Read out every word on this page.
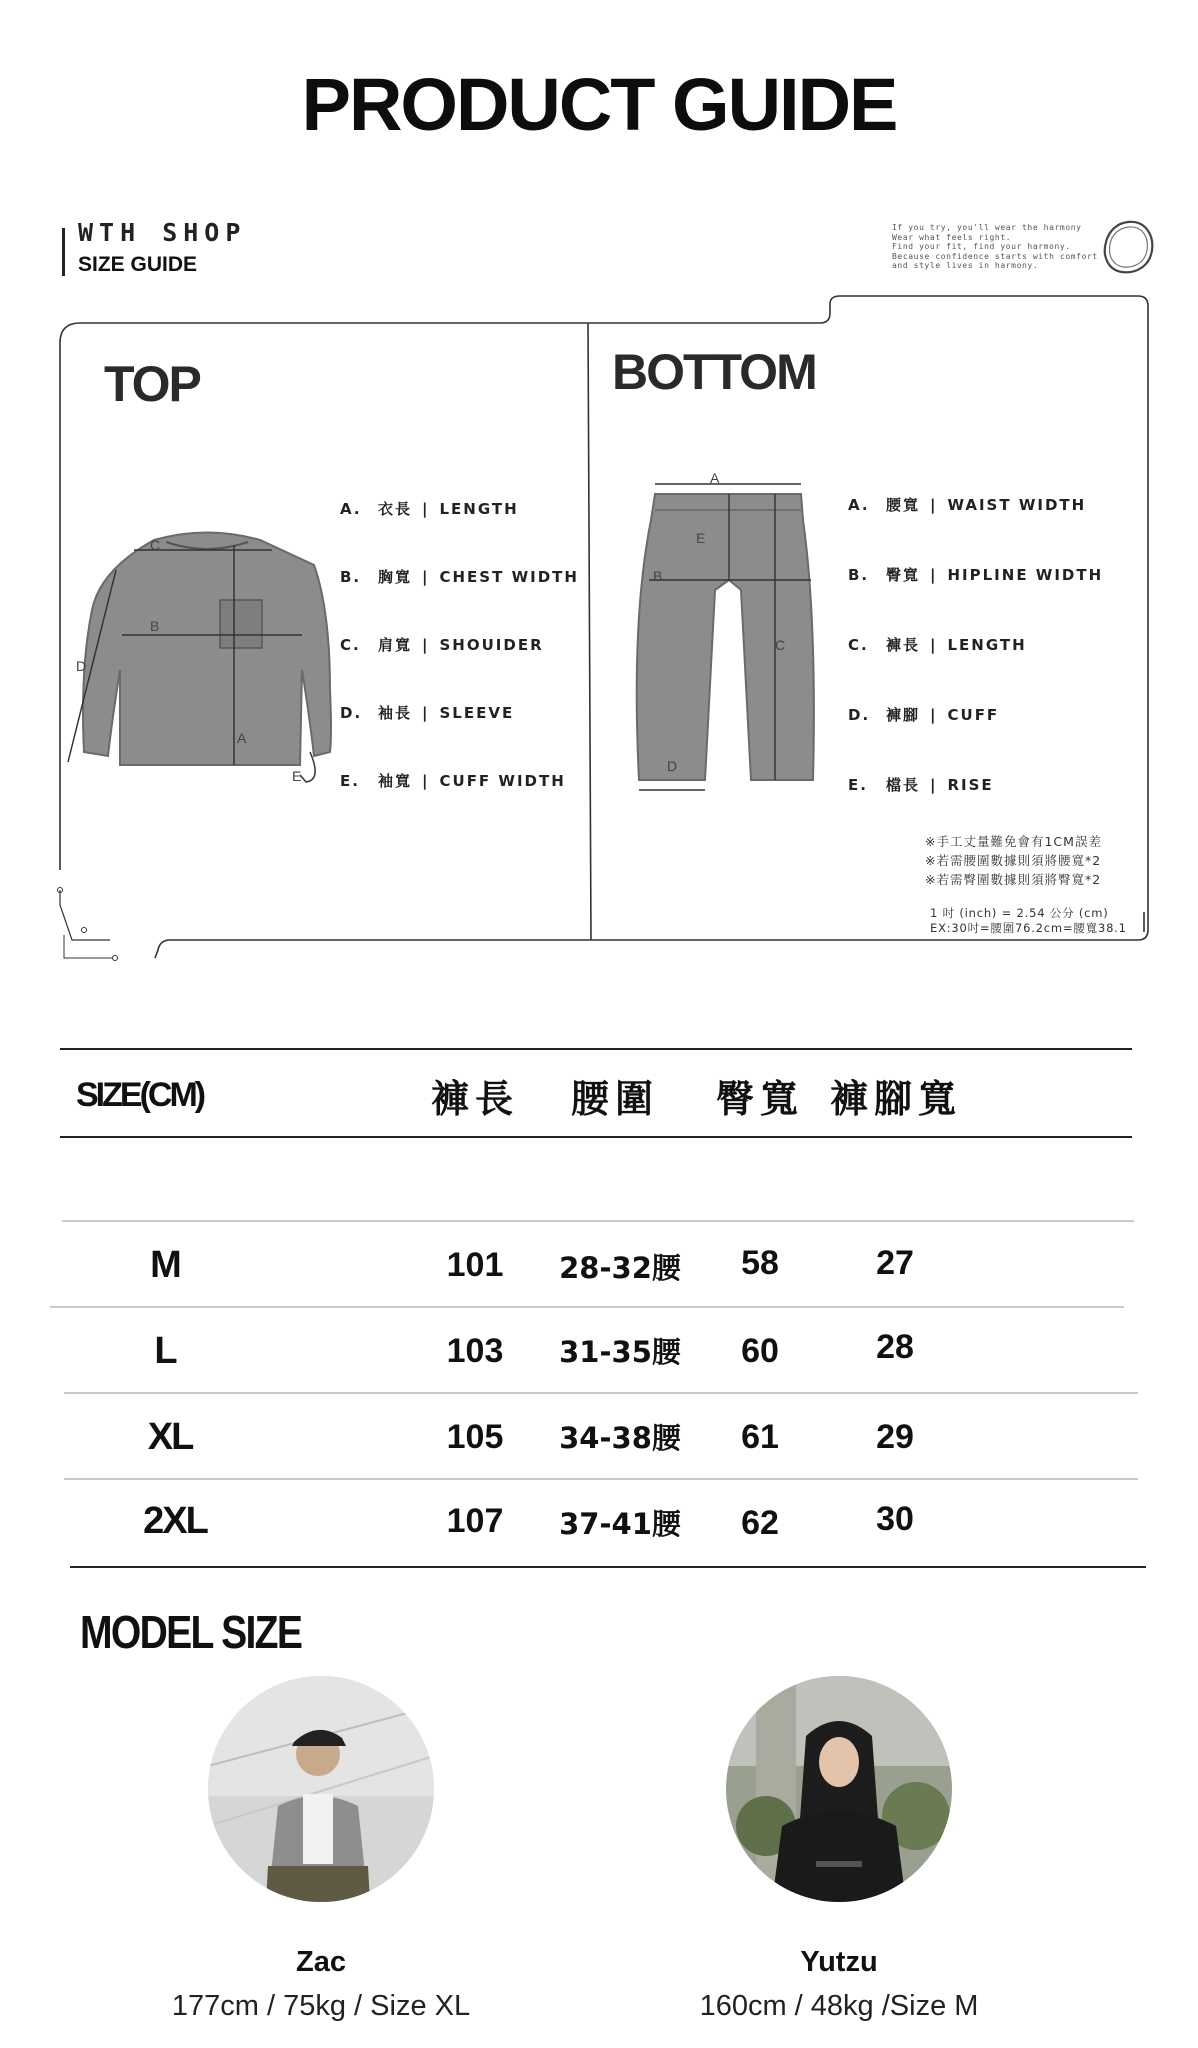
PRODUCT GUIDE
WTH SHOP
SIZE GUIDE
If you try, you'll wear the harmony
Wear what feels right.
Find your fit, find your harmony.
Because confidence starts with comfort
and style lives in harmony.
TOP
C
B
D
A
E
A. 衣長 | LENGTH
B. 胸寬 | CHEST WIDTH
C. 肩寬 | SHOUIDER
D. 袖長 | SLEEVE
E. 袖寬 | CUFF WIDTH
BOTTOM
A
B
C
D
E
A. 腰寬 | WAIST WIDTH
B. 臀寬 | HIPLINE WIDTH
C. 褲長 | LENGTH
D. 褲腳 | CUFF
E. 檔長 | RISE
※手工丈量難免會有1CM誤差
※若需腰圍數據則須將腰寬*2
※若需臀圍數據則須將臀寬*2
1 吋 (inch) = 2.54 公分 (cm)
EX:30吋=腰圍76.2cm=腰寬38.1
SIZE(CM)	褲長	腰圍	臀寬 褲腳寬
M	101	28-32腰	58	27
L	103	31-35腰	60	28
XL	105	34-38腰	61	29
2XL	107	37-41腰	62	30
MODEL SIZE
Zac
177cm / 75kg / Size XL
Yutzu
160cm / 48kg /Size M
